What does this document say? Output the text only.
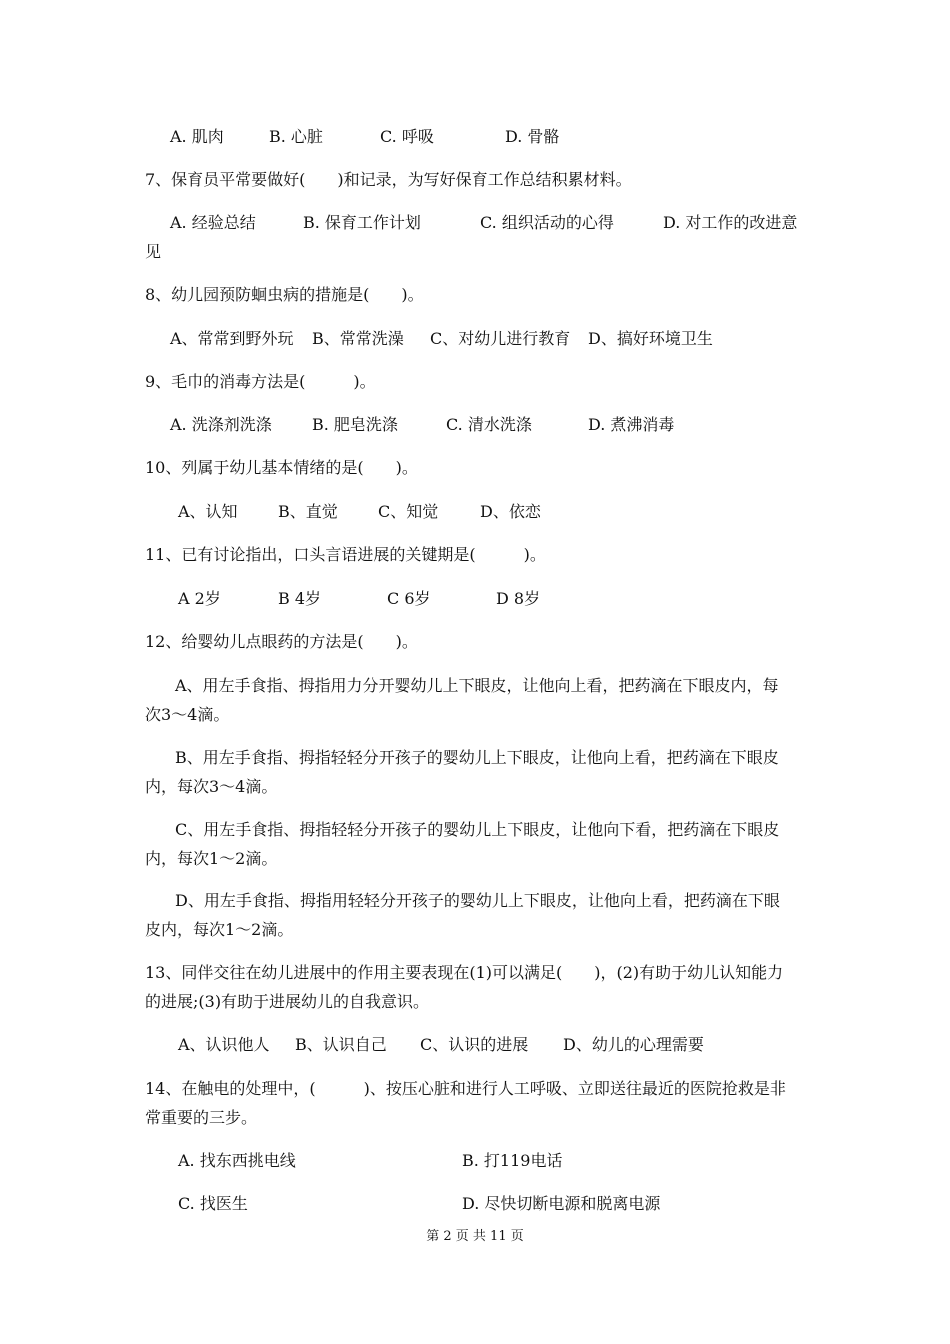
A. 肌肉	B. 心脏	C. 呼吸	D. 骨骼
7、保育员平常要做好(　　)和记录，为写好保育工作总结积累材料。
A. 经验总结	B. 保育工作计划	C. 组织活动的心得	D. 对工作的改进意
见
8、幼儿园预防蛔虫病的措施是(　　)。
A、常常到野外玩 B、常常洗澡 C、对幼儿进行教育 D、搞好环境卫生
9、毛巾的消毒方法是(　　　)。
A. 洗涤剂洗涤	B. 肥皂洗涤	C. 清水洗涤	D. 煮沸消毒
10、列属于幼儿基本情绪的是(　　)。
A、认知	B、直觉	C、知觉	D、依恋
11、已有讨论指出，口头言语进展的关键期是(　　　)。
A 2岁	B 4岁	C 6岁	D 8岁
12、给婴幼儿点眼药的方法是(　　)。
A、用左手食指、拇指用力分开婴幼儿上下眼皮，让他向上看，把药滴在下眼皮内，每
次3～4滴。
B、用左手食指、拇指轻轻分开孩子的婴幼儿上下眼皮，让他向上看，把药滴在下眼皮
内，每次3～4滴。
C、用左手食指、拇指轻轻分开孩子的婴幼儿上下眼皮，让他向下看，把药滴在下眼皮
内，每次1～2滴。
D、用左手食指、拇指用轻轻分开孩子的婴幼儿上下眼皮，让他向上看，把药滴在下眼
皮内，每次1～2滴。
13、同伴交往在幼儿进展中的作用主要表现在(1)可以满足(　　)，(2)有助于幼儿认知能力
的进展;(3)有助于进展幼儿的自我意识。
A、认识他人 B、认识自己 C、认识的进展 D、幼儿的心理需要
14、在触电的处理中，(　　　)、按压心脏和进行人工呼吸、立即送往最近的医院抢救是非
常重要的三步。
A. 找东西挑电线	B. 打119电话
C. 找医生	D. 尽快切断电源和脱离电源
第 2 页 共 11 页
